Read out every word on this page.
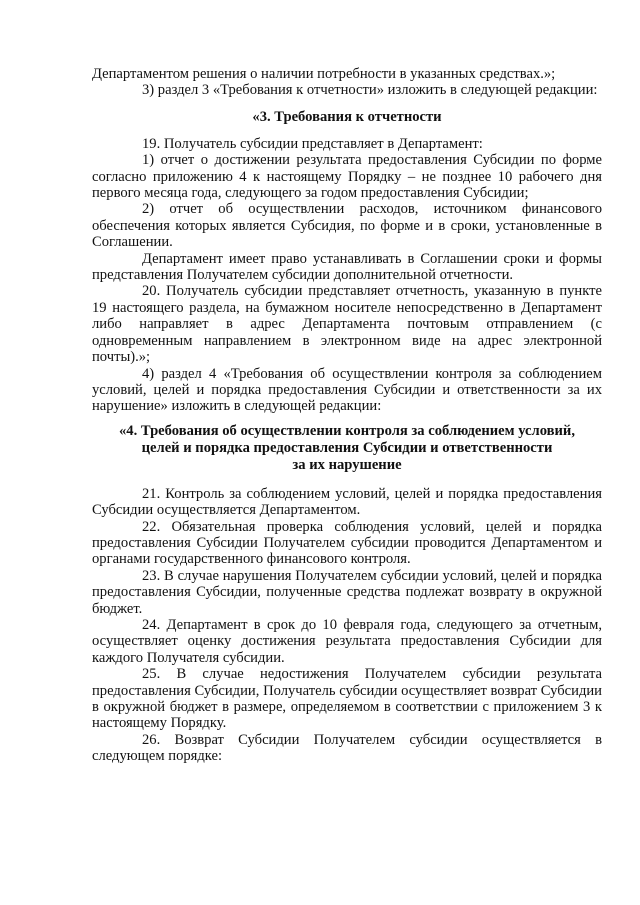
Департаментом решения о наличии потребности в указанных средствах.»;

3) раздел 3 «Требования к отчетности» изложить в следующей редакции:

«3. Требования к отчетности

19. Получатель субсидии представляет в Департамент:

1) отчет о достижении результата предоставления Субсидии по форме согласно приложению 4 к настоящему Порядку – не позднее 10 рабочего дня первого месяца года, следующего за годом предоставления Субсидии;

2) отчет об осуществлении расходов, источником финансового обеспечения которых является Субсидия, по форме и в сроки, установленные в Соглашении.

Департамент имеет право устанавливать в Соглашении сроки и формы представления Получателем субсидии дополнительной отчетности.

20. Получатель субсидии представляет отчетность, указанную в пункте 19 настоящего раздела, на бумажном носителе непосредственно в Департамент либо направляет в адрес Департамента почтовым отправлением (с одновременным направлением в электронном виде на адрес электронной почты).»;

4) раздел 4 «Требования об осуществлении контроля за соблюдением условий, целей и порядка предоставления Субсидии и ответственности за их нарушение» изложить в следующей редакции:

«4. Требования об осуществлении контроля за соблюдением условий,
целей и порядка предоставления Субсидии и ответственности
за их нарушение

21. Контроль за соблюдением условий, целей и порядка предоставления Субсидии осуществляется Департаментом.

22. Обязательная проверка соблюдения условий, целей и порядка предоставления Субсидии Получателем субсидии проводится Департаментом и органами государственного финансового контроля.

23. В случае нарушения Получателем субсидии условий, целей и порядка предоставления Субсидии, полученные средства подлежат возврату в окружной бюджет.

24. Департамент в срок до 10 февраля года, следующего за отчетным, осуществляет оценку достижения результата предоставления Субсидии для каждого Получателя субсидии.

25. В случае недостижения Получателем субсидии результата предоставления Субсидии, Получатель субсидии осуществляет возврат Субсидии в окружной бюджет в размере, определяемом в соответствии с приложением 3 к настоящему Порядку.

26. Возврат Субсидии Получателем субсидии осуществляется в следующем порядке:
